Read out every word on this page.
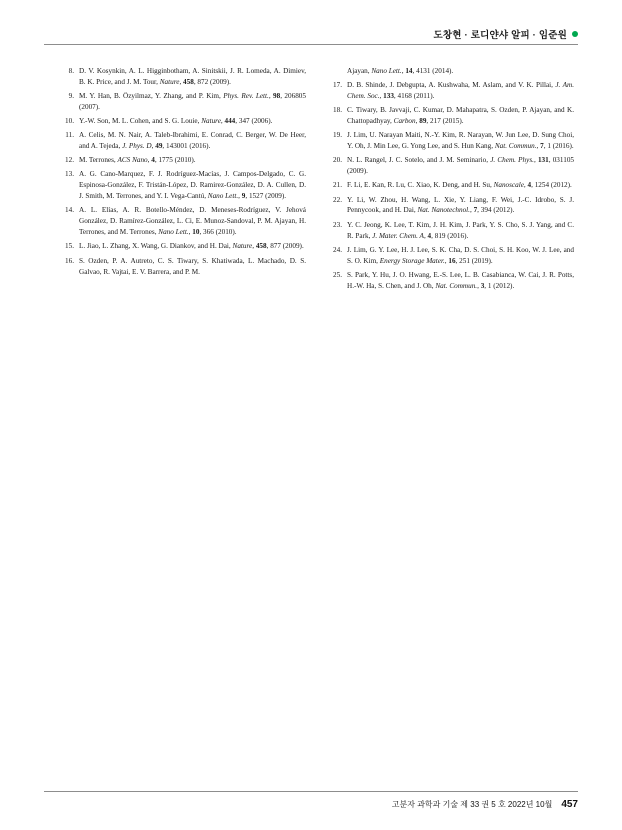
도창현 · 로디얀샤 알피 · 임준원
8. D. V. Kosynkin, A. L. Higginbotham, A. Sinitskii, J. R. Lomeda, A. Dimiev, B. K. Price, and J. M. Tour, Nature, 458, 872 (2009).
9. M. Y. Han, B. Özyilmaz, Y. Zhang, and P. Kim, Phys. Rev. Lett., 98, 206805 (2007).
10. Y.-W. Son, M. L. Cohen, and S. G. Louie, Nature, 444, 347 (2006).
11. A. Celis, M. N. Nair, A. Taleb-Ibrahimi, E. Conrad, C. Berger, W. De Heer, and A. Tejeda, J. Phys. D, 49, 143001 (2016).
12. M. Terrones, ACS Nano, 4, 1775 (2010).
13. A. G. Cano-Marquez, F. J. Rodríguez-Macías, J. Campos-Delgado, C. G. Espinosa-González, F. Tristán-López, D. Ramirez-González, D. A. Cullen, D. J. Smith, M. Terrones, and Y. I. Vega-Cantú, Nano Lett., 9, 1527 (2009).
14. A. L. Elías, A. R. Botello-Méndez, D. Meneses-Rodríguez, V. Jehová González, D. Ramírez-González, L. Ci, E. Munoz-Sandoval, P. M. Ajayan, H. Terrones, and M. Terrones, Nano Lett., 10, 366 (2010).
15. L. Jiao, L. Zhang, X. Wang, G. Diankov, and H. Dai, Nature, 458, 877 (2009).
16. S. Ozden, P. A. Autreto, C. S. Tiwary, S. Khatiwada, L. Machado, D. S. Galvao, R. Vajtai, E. V. Barrera, and P. M.
Ajayan, Nano Lett., 14, 4131 (2014).
17. D. B. Shinde, J. Debgupta, A. Kushwaha, M. Aslam, and V. K. Pillai, J. Am. Chem. Soc., 133, 4168 (2011).
18. C. Tiwary, B. Javvaji, C. Kumar, D. Mahapatra, S. Ozden, P. Ajayan, and K. Chattopadhyay, Carbon, 89, 217 (2015).
19. J. Lim, U. Narayan Maiti, N.-Y. Kim, R. Narayan, W. Jun Lee, D. Sung Choi, Y. Oh, J. Min Lee, G. Yong Lee, and S. Hun Kang, Nat. Commun., 7, 1 (2016).
20. N. L. Rangel, J. C. Sotelo, and J. M. Seminario, J. Chem. Phys., 131, 031105 (2009).
21. F. Li, E. Kan, R. Lu, C. Xiao, K. Deng, and H. Su, Nanoscale, 4, 1254 (2012).
22. Y. Li, W. Zhou, H. Wang, L. Xie, Y. Liang, F. Wei, J.-C. Idrobo, S. J. Pennycook, and H. Dai, Nat. Nanotechnol., 7, 394 (2012).
23. Y. C. Jeong, K. Lee, T. Kim, J. H. Kim, J. Park, Y. S. Cho, S. J. Yang, and C. R. Park, J. Mater. Chem. A, 4, 819 (2016).
24. J. Lim, G. Y. Lee, H. J. Lee, S. K. Cha, D. S. Choi, S. H. Koo, W. J. Lee, and S. O. Kim, Energy Storage Mater., 16, 251 (2019).
25. S. Park, Y. Hu, J. O. Hwang, E.-S. Lee, L. B. Casabianca, W. Cai, J. R. Potts, H.-W. Ha, S. Chen, and J. Oh, Nat. Commun., 3, 1 (2012).
고분자 과학과 기술 제 33 권 5 호 2022년 10월 457
